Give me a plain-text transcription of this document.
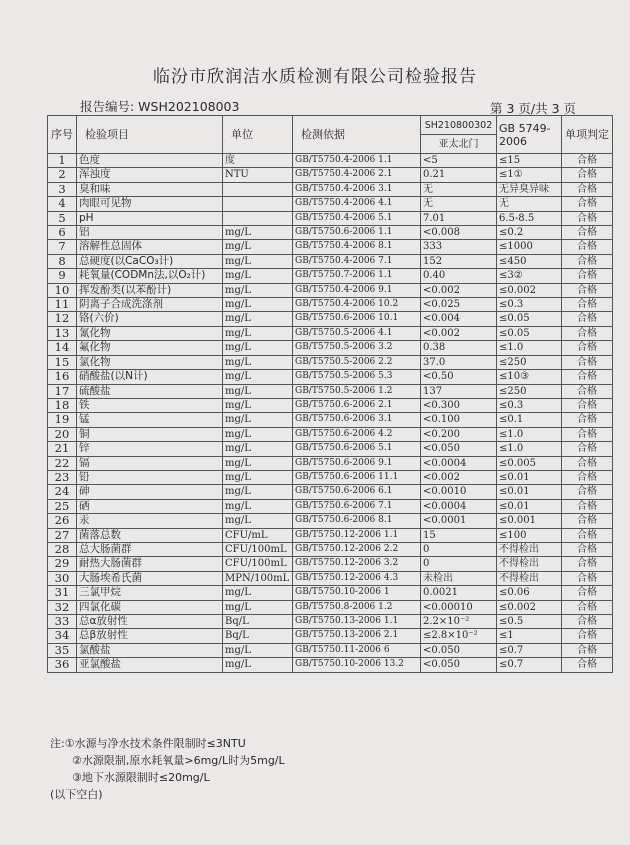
临汾市欣润洁水质检测有限公司检验报告
报告编号: WSH202108003	第 3 页/共 3 页
序号	检验项目	单位	检测依据	SH210800302	GB 5749-2006	单项判定
				亚太北门		
1	色度	度	GB/T5750.4-2006 1.1	<5	≤15	合格
2	浑浊度	NTU	GB/T5750.4-2006 2.1	0.21	≤1①	合格
3	臭和味		GB/T5750.4-2006 3.1	无	无异臭异味	合格
4	肉眼可见物		GB/T5750.4-2006 4.1	无	无	合格
5	pH		GB/T5750.4-2006 5.1	7.01	6.5-8.5	合格
6	铝	mg/L	GB/T5750.6-2006 1.1	<0.008	≤0.2	合格
7	溶解性总固体	mg/L	GB/T5750.4-2006 8.1	333	≤1000	合格
8	总硬度(以CaCO₃计)	mg/L	GB/T5750.4-2006 7.1	152	≤450	合格
9	耗氧量(CODMn法,以O₂计)	mg/L	GB/T5750.7-2006 1.1	0.40	≤3②	合格
10	挥发酚类(以苯酚计)	mg/L	GB/T5750.4-2006 9.1	<0.002	≤0.002	合格
11	阴离子合成洗涤剂	mg/L	GB/T5750.4-2006 10.2	<0.025	≤0.3	合格
12	铬(六价)	mg/L	GB/T5750.6-2006 10.1	<0.004	≤0.05	合格
13	氰化物	mg/L	GB/T5750.5-2006 4.1	<0.002	≤0.05	合格
14	氟化物	mg/L	GB/T5750.5-2006 3.2	0.38	≤1.0	合格
15	氯化物	mg/L	GB/T5750.5-2006 2.2	37.0	≤250	合格
16	硝酸盐(以N计)	mg/L	GB/T5750.5-2006 5.3	<0.50	≤10③	合格
17	硫酸盐	mg/L	GB/T5750.5-2006 1.2	137	≤250	合格
18	铁	mg/L	GB/T5750.6-2006 2.1	<0.300	≤0.3	合格
19	锰	mg/L	GB/T5750.6-2006 3.1	<0.100	≤0.1	合格
20	铜	mg/L	GB/T5750.6-2006 4.2	<0.200	≤1.0	合格
21	锌	mg/L	GB/T5750.6-2006 5.1	<0.050	≤1.0	合格
22	镉	mg/L	GB/T5750.6-2006 9.1	<0.0004	≤0.005	合格
23	铅	mg/L	GB/T5750.6-2006 11.1	<0.002	≤0.01	合格
24	砷	mg/L	GB/T5750.6-2006 6.1	<0.0010	≤0.01	合格
25	硒	mg/L	GB/T5750.6-2006 7.1	<0.0004	≤0.01	合格
26	汞	mg/L	GB/T5750.6-2006 8.1	<0.0001	≤0.001	合格
27	菌落总数	CFU/mL	GB/T5750.12-2006 1.1	15	≤100	合格
28	总大肠菌群	CFU/100mL	GB/T5750.12-2006 2.2	0	不得检出	合格
29	耐热大肠菌群	CFU/100mL	GB/T5750.12-2006 3.2	0	不得检出	合格
30	大肠埃希氏菌	MPN/100mL	GB/T5750.12-2006 4.3	未检出	不得检出	合格
31	三氯甲烷	mg/L	GB/T5750.10-2006 1	0.0021	≤0.06	合格
32	四氯化碳	mg/L	GB/T5750.8-2006 1.2	<0.00010	≤0.002	合格
33	总α放射性	Bq/L	GB/T5750.13-2006 1.1	2.2×10⁻²	≤0.5	合格
34	总β放射性	Bq/L	GB/T5750.13-2006 2.1	≤2.8×10⁻²	≤1	合格
35	氯酸盐	mg/L	GB/T5750.11-2006 6	<0.050	≤0.7	合格
36	亚氯酸盐	mg/L	GB/T5750.10-2006 13.2	<0.050	≤0.7	合格
注:①水源与净水技术条件限制时≤3NTU
②水源限制,原水耗氧量>6mg/L时为5mg/L
③地下水源限制时≤20mg/L
(以下空白)
